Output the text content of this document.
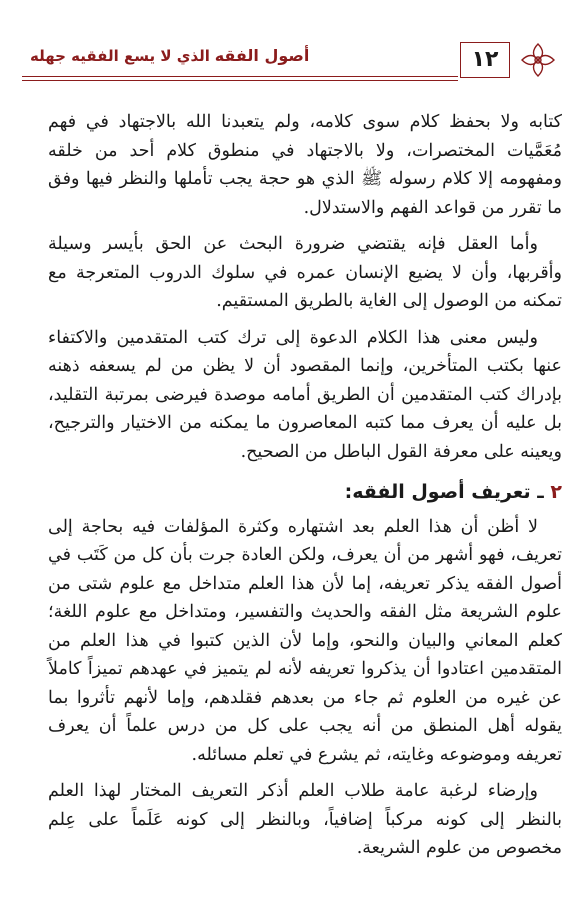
أصول الفقه الذي لا يسع الفقيه جهله	١٢

كتابه ولا بحفظ كلام سوى كلامه، ولم يتعبدنا الله بالاجتهاد في فهم مُعَمَّيات المختصرات، ولا بالاجتهاد في منطوق كلام أحد من خلقه ومفهومه إلا كلام رسوله ﷺ الذي هو حجة يجب تأملها والنظر فيها وفق ما تقرر من قواعد الفهم والاستدلال.

وأما العقل فإنه يقتضي ضرورة البحث عن الحق بأيسر وسيلة وأقربها، وأن لا يضيع الإنسان عمره في سلوك الدروب المتعرجة مع تمكنه من الوصول إلى الغاية بالطريق المستقيم.

وليس معنى هذا الكلام الدعوة إلى ترك كتب المتقدمين والاكتفاء عنها بكتب المتأخرين، وإنما المقصود أن لا يظن من لم يسعفه ذهنه بإدراك كتب المتقدمين أن الطريق أمامه موصدة فيرضى بمرتبة التقليد، بل عليه أن يعرف مما كتبه المعاصرون ما يمكنه من الاختيار والترجيح، ويعينه على معرفة القول الباطل من الصحيح.

٢ ـ تعريف أصول الفقه:

لا أظن أن هذا العلم بعد اشتهاره وكثرة المؤلفات فيه بحاجة إلى تعريف، فهو أشهر من أن يعرف، ولكن العادة جرت بأن كل من كَتَب في أصول الفقه يذكر تعريفه، إما لأن هذا العلم متداخل مع علوم شتى من علوم الشريعة مثل الفقه والحديث والتفسير، ومتداخل مع علوم اللغة؛ كعلم المعاني والبيان والنحو، وإما لأن الذين كتبوا في هذا العلم من المتقدمين اعتادوا أن يذكروا تعريفه لأنه لم يتميز في عهدهم تميزاً كاملاً عن غيره من العلوم ثم جاء من بعدهم فقلدهم، وإما لأنهم تأثروا بما يقوله أهل المنطق من أنه يجب على كل من درس علماً أن يعرف تعريفه وموضوعه وغايته، ثم يشرع في تعلم مسائله.

وإرضاء لرغبة عامة طلاب العلم أذكر التعريف المختار لهذا العلم بالنظر إلى كونه مركباً إضافياً، وبالنظر إلى كونه عَلَماً على عِلم مخصوص من علوم الشريعة.
